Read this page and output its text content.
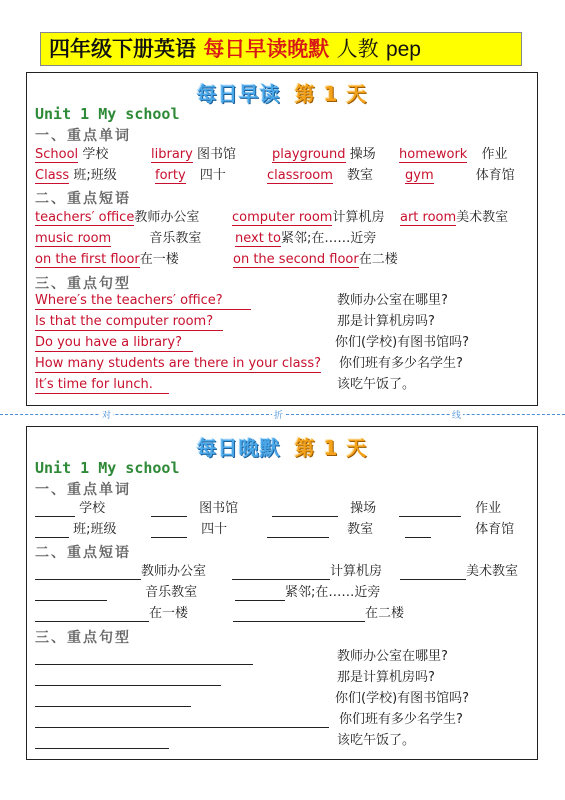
四年级下册英语 每日早读晚默 人教 pep
每日早读 第 1 天
Unit 1 My school
一、重点单词
School 学校	library 图书馆	playground 操场 homework 作业
Class 班;班级	forty 四十	classroom 教室 gym	体育馆
二、重点短语
teachers′ office教师办公室	computer room计算机房 art room美术教室
music room	音乐教室	next to紧邻;在……近旁
on the first floor在一楼	on the second floor在二楼
三、重点句型
Where′s the teachers′ office?	教师办公室在哪里?
Is that the computer room?	那是计算机房吗?
Do you have a library?	你们(学校)有图书馆吗?
How many students are there in your class? 你们班有多少名学生?
It′s time for lunch.	该吃午饭了。
对	折	线
每日晚默 第 1 天
Unit 1 My school
一、重点单词
学校	图书馆	操场	作业
班;班级	四十	教室	体育馆
二、重点短语
教师办公室	计算机房	美术教室
音乐教室	紧邻;在……近旁
在一楼	在二楼
三、重点句型
教师办公室在哪里?
那是计算机房吗?
你们(学校)有图书馆吗?
你们班有多少名学生?
该吃午饭了。
